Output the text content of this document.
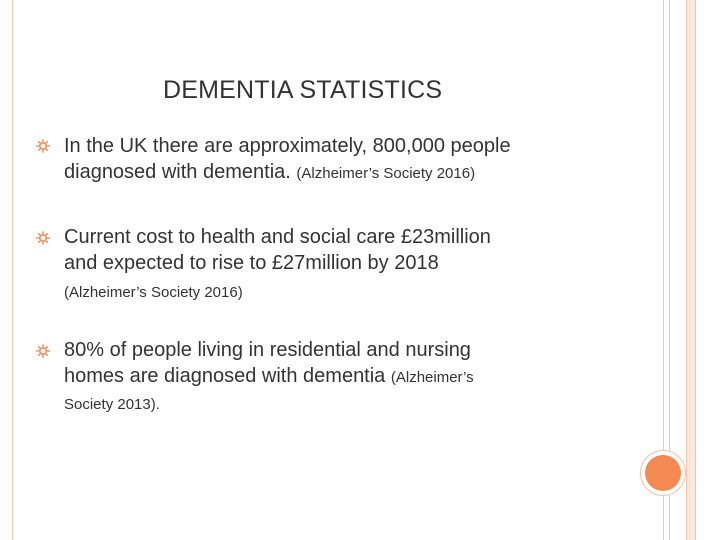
DEMENTIA STATISTICS
In the UK there are approximately, 800,000 people
diagnosed with dementia. (Alzheimer’s Society 2016)
Current cost to health and social care £23million
and expected to rise to £27million by 2018
(Alzheimer’s Society 2016)
80% of people living in residential and nursing
homes are diagnosed with dementia (Alzheimer’s
Society 2013).
